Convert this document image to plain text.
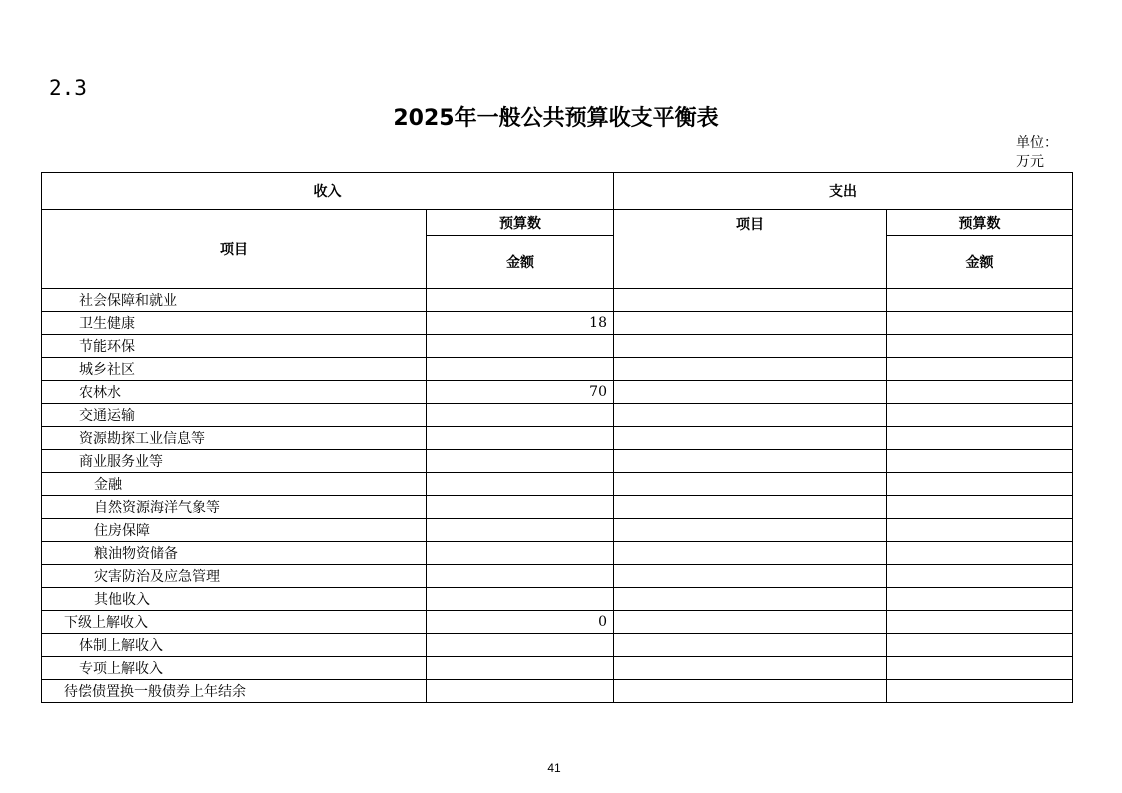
2.3
2025年一般公共预算收支平衡表
单位：万元
收入		支出	
项目	预算数	项目	预算数
	金额		金额
社会保障和就业			
卫生健康	18		
节能环保			
城乡社区			
农林水	70		
交通运输			
资源勘探工业信息等			
商业服务业等			
金融			
自然资源海洋气象等			
住房保障			
粮油物资储备			
灾害防治及应急管理			
其他收入			
下级上解收入	0		
体制上解收入			
专项上解收入			
待偿债置换一般债券上年结余			
41
